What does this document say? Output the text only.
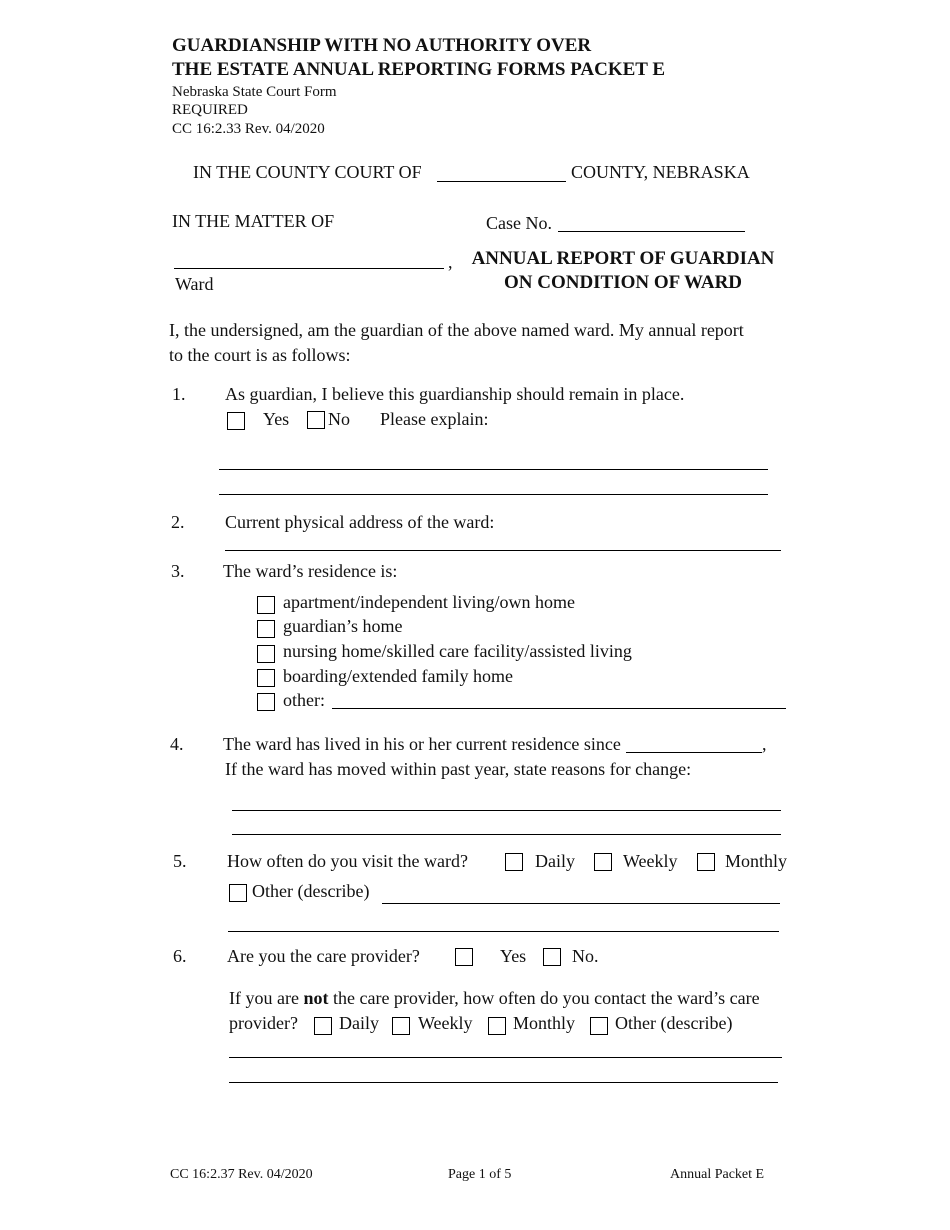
GUARDIANSHIP WITH NO AUTHORITY OVER
THE ESTATE ANNUAL REPORTING FORMS PACKET E
Nebraska State Court Form
REQUIRED
CC 16:2.33 Rev. 04/2020
IN THE COUNTY COURT OF	COUNTY, NEBRASKA
IN THE MATTER OF	Case No.
,
Ward
ANNUAL REPORT OF GUARDIAN
ON CONDITION OF WARD
I, the undersigned, am the guardian of the above named ward. My annual report
to the court is as follows:
1. As guardian, I believe this guardianship should remain in place.
Yes No Please explain:
2. Current physical address of the ward:
3. The ward’s residence is:
apartment/independent living/own home
guardian’s home
nursing home/skilled care facility/assisted living
boarding/extended family home
other:
4. The ward has lived in his or her current residence since	,
If the ward has moved within past year, state reasons for change:
5. How often do you visit the ward?	Daily	Weekly	Monthly
Other (describe)
6. Are you the care provider?	Yes	No.
If you are not the care provider, how often do you contact the ward’s care
provider? Daily Weekly Monthly Other (describe)
CC 16:2.37 Rev. 04/2020	Page 1 of 5	Annual Packet E
